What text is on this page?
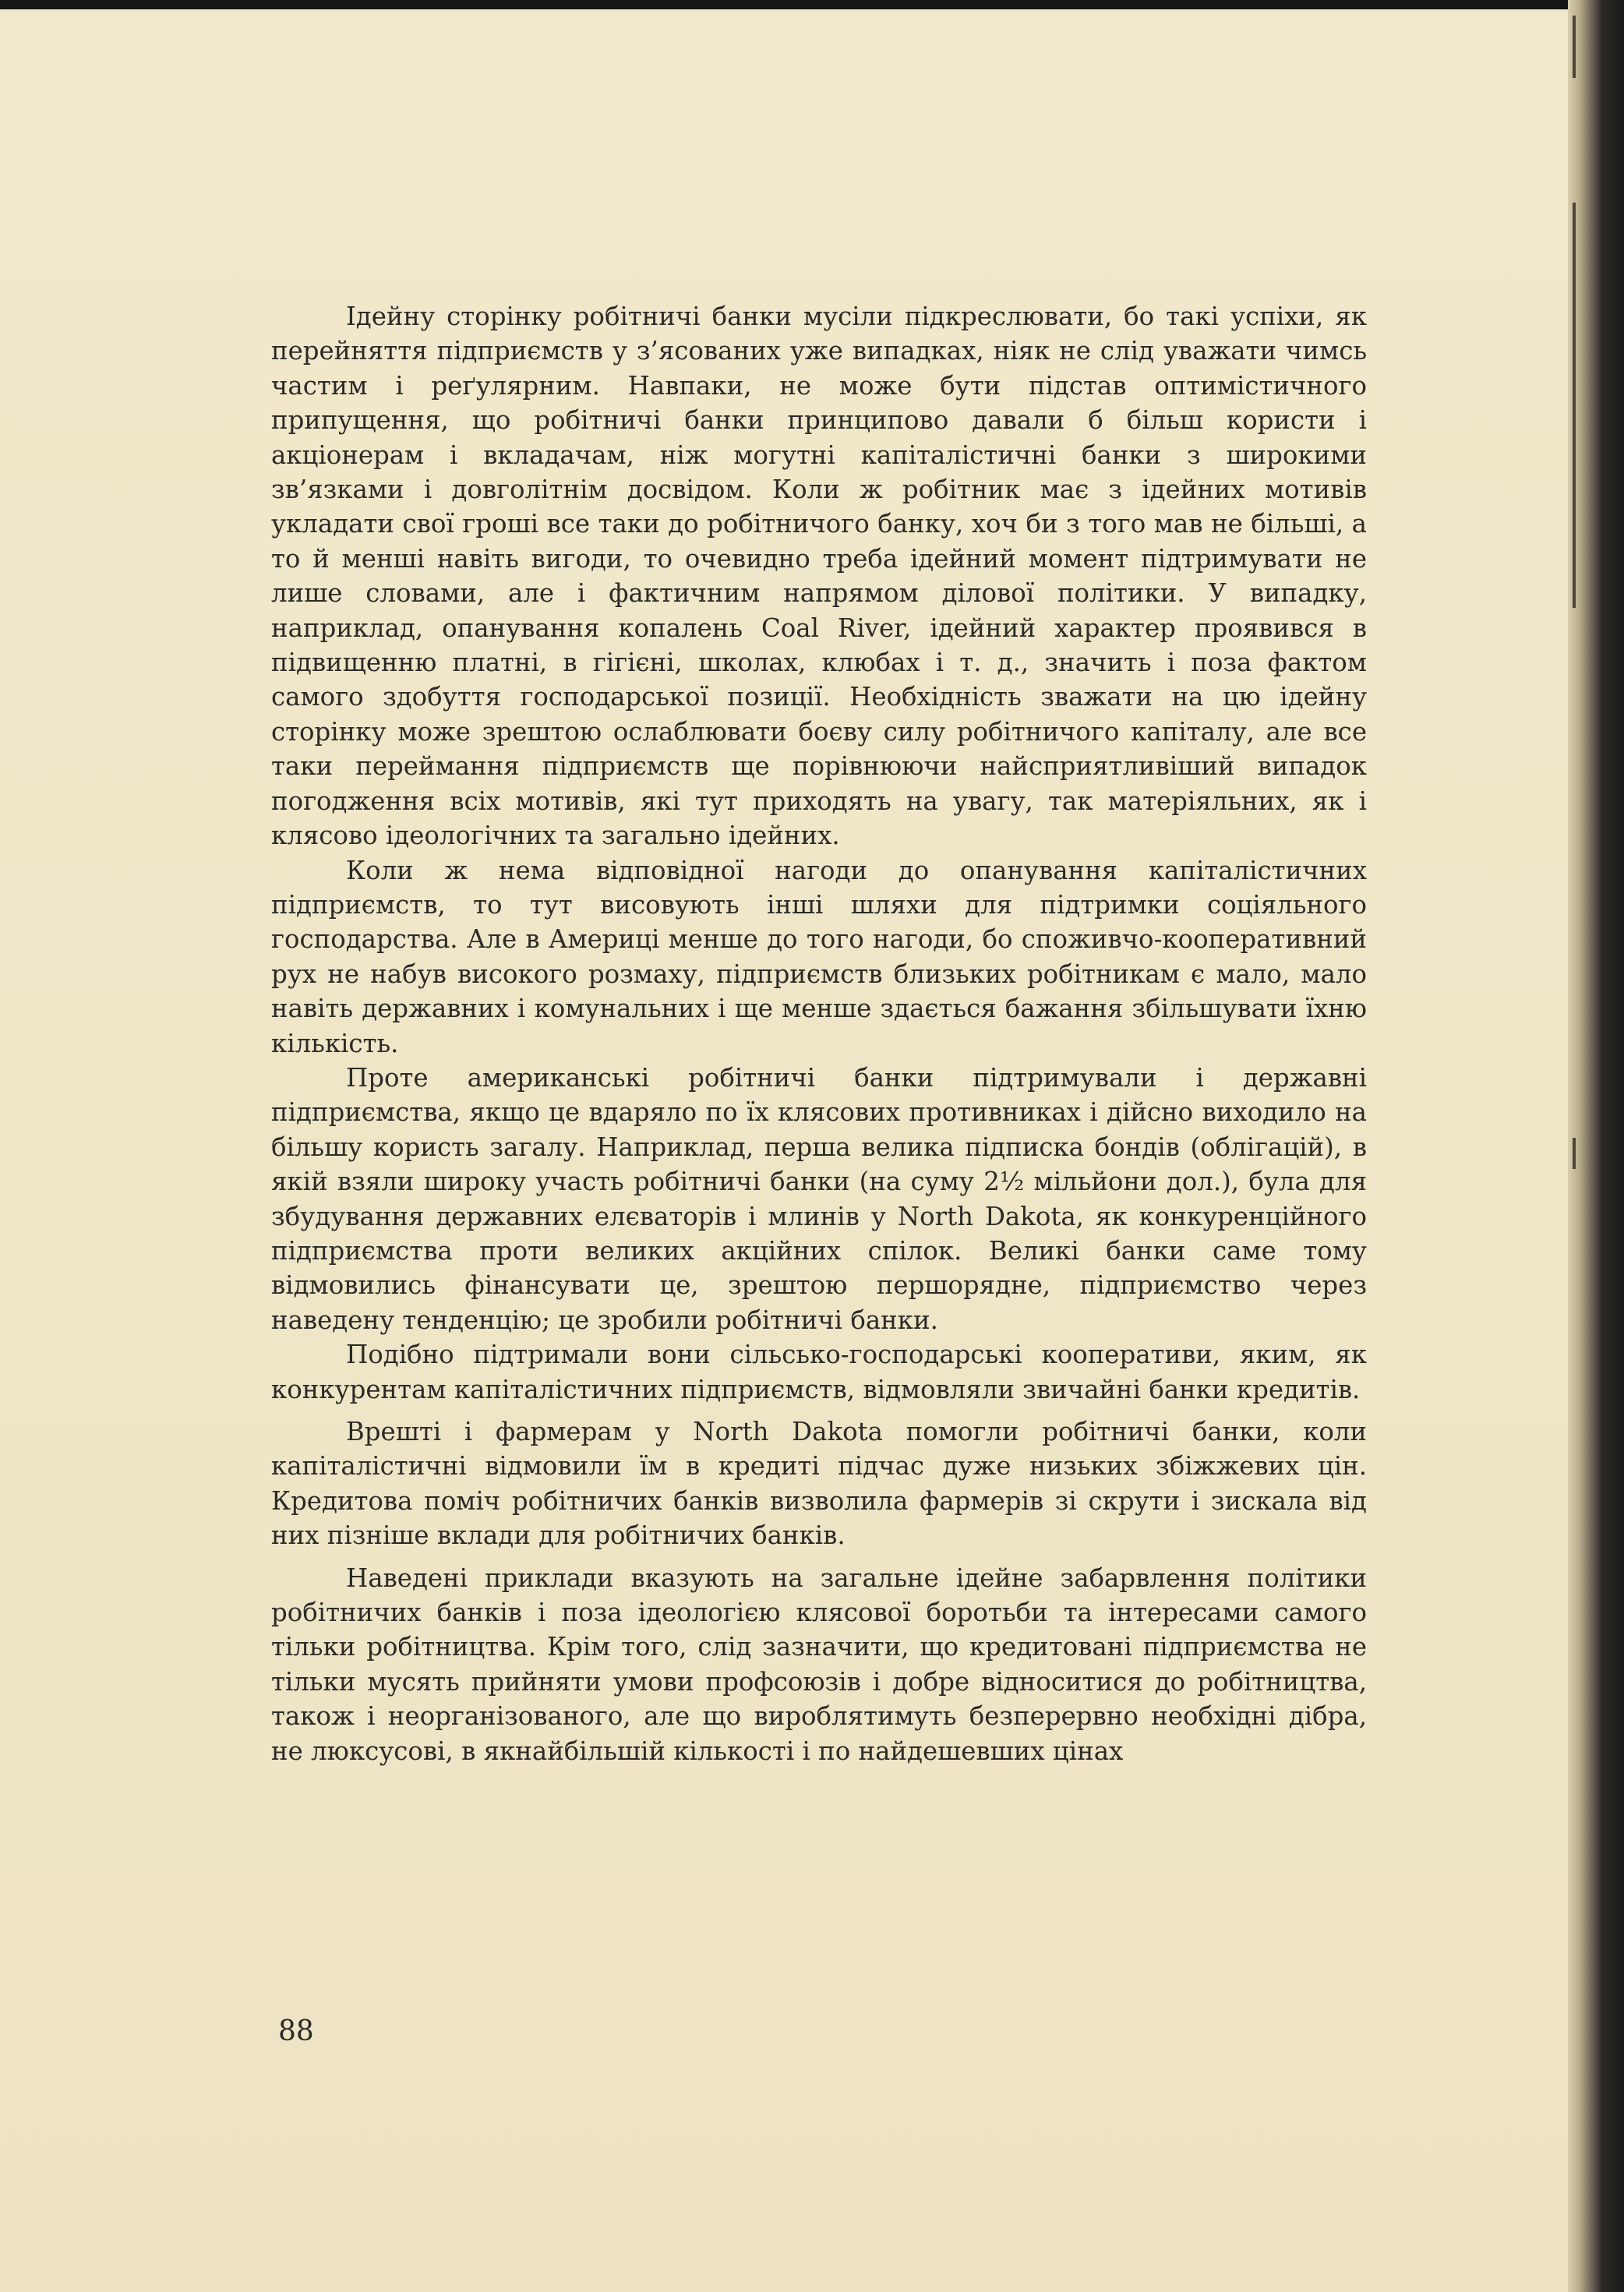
Ідейну сторінку робітничі банки мусіли підкреслювати, бо такі успіхи, як перейняття підприємств у з’ясованих уже випадках, ніяк не слід уважати чимсь частим і реґулярним. Навпаки, не може бути підстав оптимістичного припущення, що робітничі банки принципово давали б більш користи і акціонерам і вкладачам, ніж могутні капіталістичні банки з широкими зв’язками і довголітнім досвідом. Коли ж робітник має з ідейних мотивів укладати свої гроші все таки до робітничого банку, хоч би з того мав не більші, а то й менші навіть вигоди, то очевидно треба ідейний момент підтримувати не лише словами, але і фактичним напрямом ділової політики. У випадку, наприклад, опанування копалень Coal River, ідейний характер проявився в підвищенню платні, в гігієні, школах, клюбах і т. д., значить і поза фактом самого здобуття господарської позиції. Необхідність зважати на цю ідейну сторінку може зрештою ослаблювати боєву силу робітничого капіталу, але все таки переймання підприємств ще порівнюючи найсприятливіший випадок погодження всіх мотивів, які тут приходять на увагу, так матеріяльних, як і клясово ідеологічних та загально ідейних.

Коли ж нема відповідної нагоди до опанування капіталістичних підприємств, то тут висовують інші шляхи для підтримки соціяльного господарства. Але в Америці менше до того нагоди, бо споживчо-кооперативний рух не набув високого розмаху, підприємств близьких робітникам є мало, мало навіть державних і комунальних і ще менше здається бажання збільшувати їхню кількість.

Проте американські робітничі банки підтримували і державні підприємства, якщо це вдаряло по їх клясових противниках і дійсно виходило на більшу користь загалу. Наприклад, перша велика підписка бондів (облігацій), в якій взяли широку участь робітничі банки (на суму 2½ мільйони дол.), була для збудування державних елєваторів і млинів у North Dakota, як конкуренційного підприємства проти великих акційних спілок. Великі банки саме тому відмовились фінансувати це, зрештою першорядне, підприємство через наведену тенденцію; це зробили робітничі банки.

Подібно підтримали вони сільсько-господарські кооперативи, яким, як конкурентам капіталістичних підприємств, відмовляли звичайні банки кредитів.

Врешті і фармерам у North Dakota помогли робітничі банки, коли капіталістичні відмовили їм в кредиті підчас дуже низьких збіжжевих цін. Кредитова поміч робітничих банків визволила фармерів зі скрути і зискала від них пізніше вклади для робітничих банків.

Наведені приклади вказують на загальне ідейне забарвлення політики робітничих банків і поза ідеологією клясової боротьби та інтересами самого тільки робітництва. Крім того, слід зазначити, що кредитовані підприємства не тільки мусять прийняти умови профсоюзів і добре відноситися до робітництва, також і неорганізованого, але що вироблятимуть безперервно необхідні дібра, не люксусові, в якнайбільшій кількості і по найдешевших цінах

88
